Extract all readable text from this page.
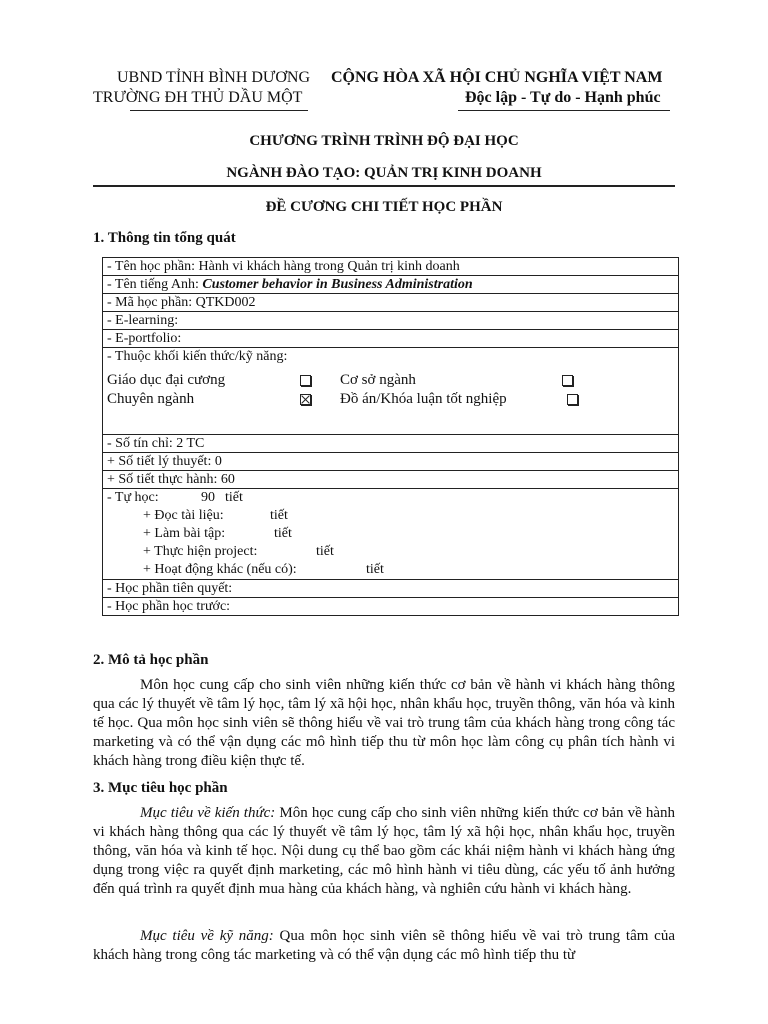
UBND TỈNH BÌNH DƯƠNG
TRƯỜNG ĐH THỦ DẦU MỘT
CỘNG HÒA XÃ HỘI CHỦ NGHĨA VIỆT NAM
Độc lập - Tự do - Hạnh phúc
CHƯƠNG TRÌNH TRÌNH ĐỘ ĐẠI HỌC
NGÀNH ĐÀO TẠO: QUẢN TRỊ KINH DOANH
ĐỀ CƯƠNG CHI TIẾT HỌC PHẦN
1. Thông tin tổng quát
- Tên học phần: Hành vi khách hàng trong Quản trị kinh doanh
- Tên tiếng Anh: Customer behavior in Business Administration
- Mã học phần: QTKD002
- E-learning:
- E-portfolio:

- Thuộc khối kiến thức/kỹ năng:
Giáo dục đại cương	Cơ sở ngành
Chuyên ngành	Đồ án/Khóa luận tốt nghiệp

- Số tín chỉ: 2 TC
+ Số tiết lý thuyết: 0
+ Số tiết thực hành: 60

- Tự học:	90 tiết
+ Đọc tài liệu:	tiết
+ Làm bài tập:	tiết
+ Thực hiện project:	tiết
+ Hoạt động khác (nếu có):	tiết

- Học phần tiên quyết:
- Học phần học trước:
2. Mô tả học phần

Môn học cung cấp cho sinh viên những kiến thức cơ bản về hành vi khách hàng thông qua các lý thuyết về tâm lý học, tâm lý xã hội học, nhân khẩu học, truyền thông, văn hóa và kinh tế học. Qua môn học sinh viên sẽ thông hiểu về vai trò trung tâm của khách hàng trong công tác marketing và có thể vận dụng các mô hình tiếp thu từ môn học làm công cụ phân tích hành vi khách hàng trong điều kiện thực tế.

3. Mục tiêu học phần

Mục tiêu về kiến thức: Môn học cung cấp cho sinh viên những kiến thức cơ bản về hành vi khách hàng thông qua các lý thuyết về tâm lý học, tâm lý xã hội học, nhân khẩu học, truyền thông, văn hóa và kinh tế học. Nội dung cụ thể bao gồm các khái niệm hành vi khách hàng ứng dụng trong việc ra quyết định marketing, các mô hình hành vi tiêu dùng, các yếu tố ảnh hưởng đến quá trình ra quyết định mua hàng của khách hàng, và nghiên cứu hành vi khách hàng.

Mục tiêu về kỹ năng: Qua môn học sinh viên sẽ thông hiểu về vai trò trung tâm của khách hàng trong công tác marketing và có thể vận dụng các mô hình tiếp thu từ
